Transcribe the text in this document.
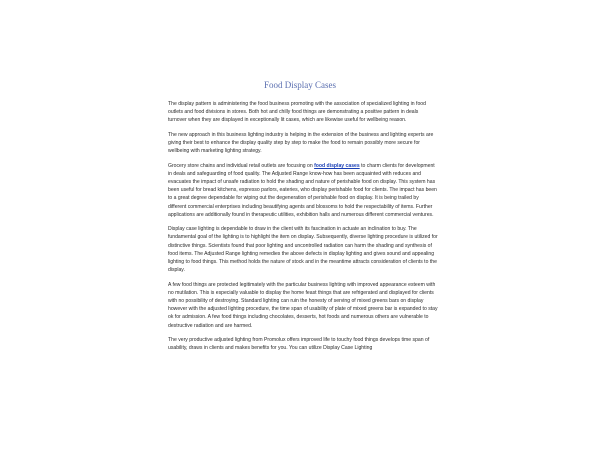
Food Display Cases

The display pattern is administering the food business promoting with the association of specialized lighting in food outlets and food divisions in stores. Both hot and chilly food things are demonstrating a positive pattern in deals turnover when they are displayed in exceptionally lit cases, which are likewise useful for wellbeing reason.

The new approach in this business lighting industry is helping in the extension of the business and lighting experts are giving their best to enhance the display quality step by step to make the food to remain possibly more secure for wellbeing with marketing lighting strategy.

Grocery store chains and individual retail outlets are focusing on food display cases to charm clients for development in deals and safeguarding of food quality. The Adjusted Range know-how has been acquainted with reduces and evacuates the impact of unsafe radiation to hold the shading and nature of perishable food on display. This system has been useful for bread kitchens, espresso parlors, eateries, who display perishable food for clients. The impact has been to a great degree dependable for wiping out the degeneration of perishable food on display. It is being trailed by different commercial enterprises including beautifying agents and blossoms to hold the respectability of items. Further applications are additionally found in therapeutic utilities, exhibition halls and numerous different commercial ventures.

Display case lighting is dependable to draw in the client with its fascination in actuate an inclination to buy. The fundamental goal of the lighting is to highlight the item on display. Subsequently, diverse lighting procedure is utilized for distinctive things. Scientists found that poor lighting and uncontrolled radiation can harm the shading and synthesis of food items. The Adjusted Range lighting remedies the above defects in display lighting and gives sound and appealing lighting to food things. This method holds the nature of stock and in the meantime attracts consideration of clients to the display.

A few food things are protected legitimately with the particular business lighting with improved appearance esteem with no mutilation. This is especially valuable to display the home feast things that are refrigerated and displayed for clients with no possibility of destroying. Standard lighting can ruin the honesty of serving of mixed greens bars on display however with the adjusted lighting procedure, the time span of usability of plate of mixed greens bar is expanded to stay ok for admission. A few food things including chocolates, desserts, hot foods and numerous others are vulnerable to destructive radiation and are harmed.

The very productive adjusted lighting from Promolux offers improved life to touchy food things develops time span of usability, draws in clients and makes benefits for you. You can utilize Display Case Lighting
